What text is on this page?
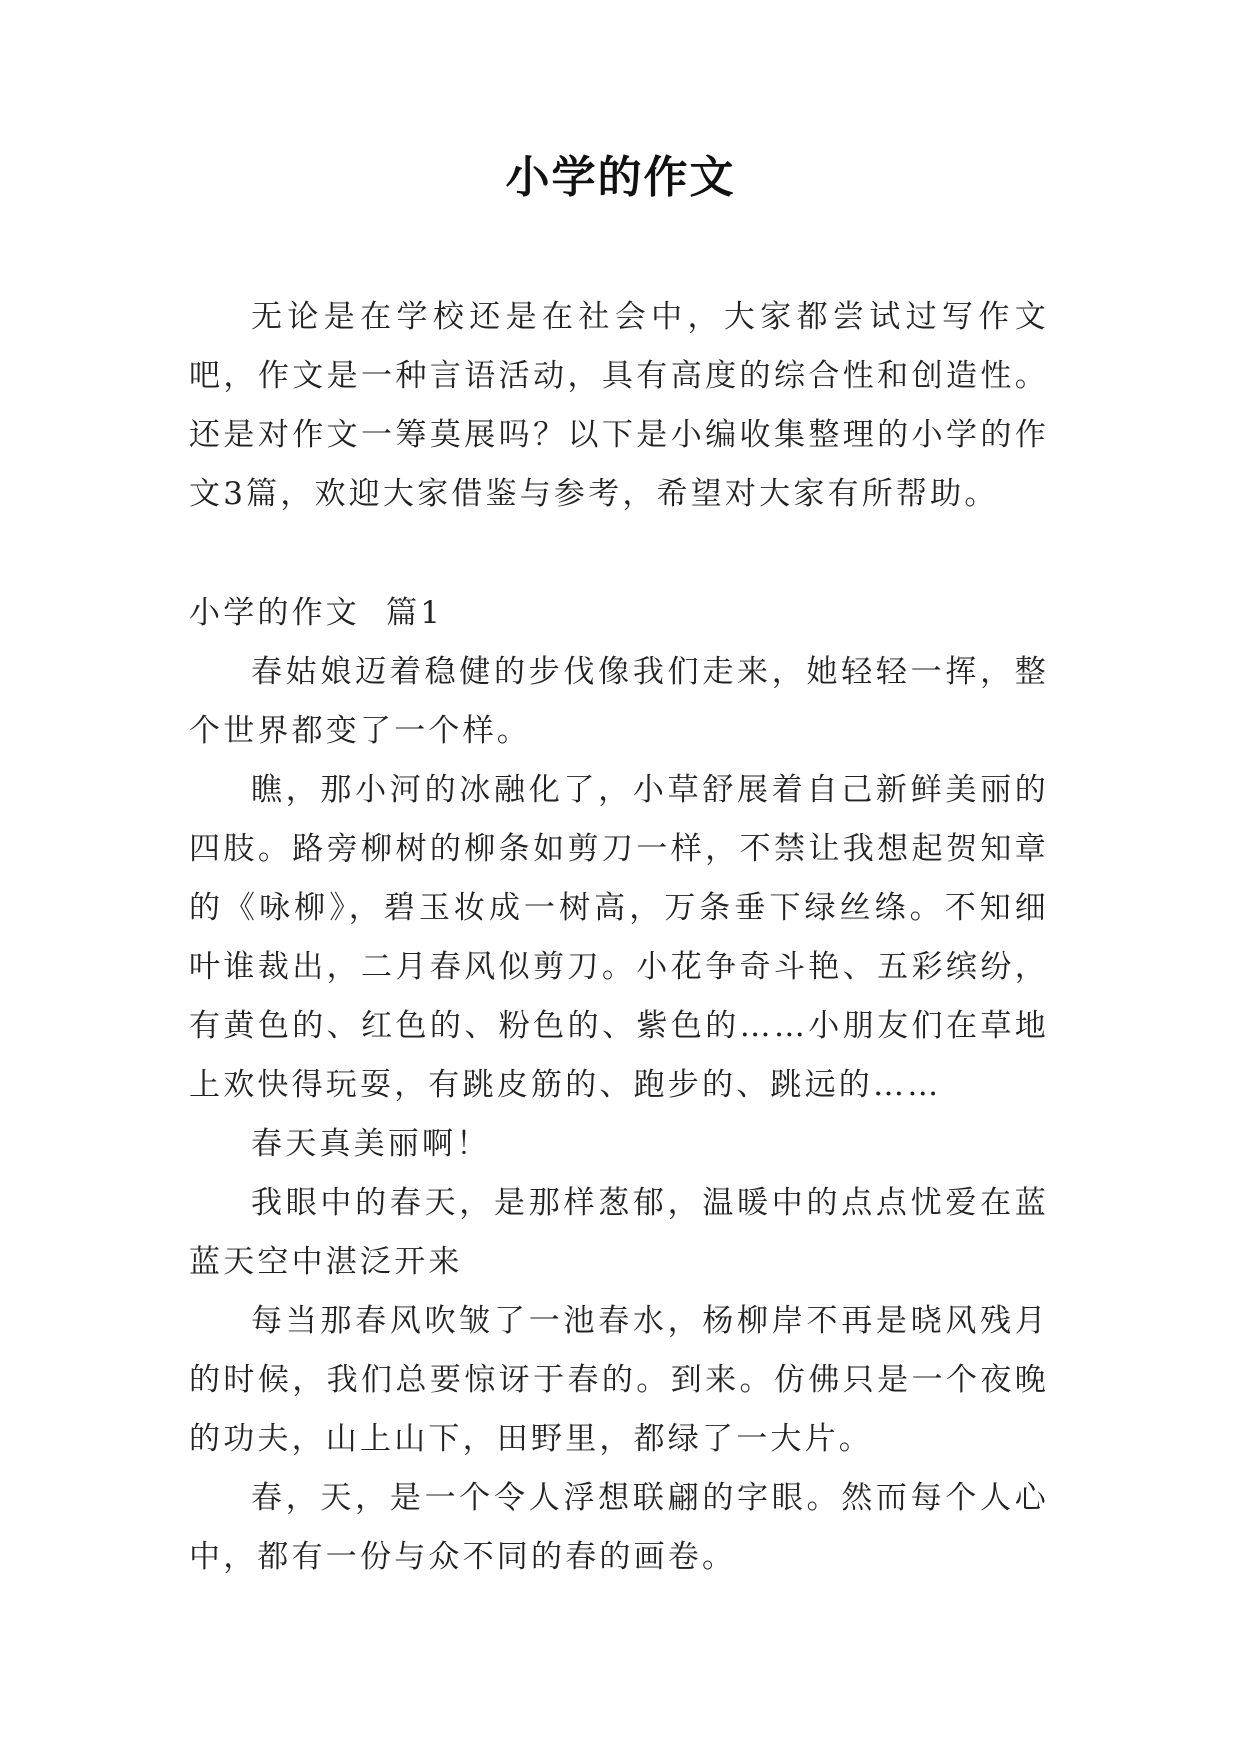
小学的作文

无论是在学校还是在社会中，大家都尝试过写作文吧，作文是一种言语活动，具有高度的综合性和创造性。还是对作文一筹莫展吗？以下是小编收集整理的小学的作文3篇，欢迎大家借鉴与参考，希望对大家有所帮助。

小学的作文  篇1

春姑娘迈着稳健的步伐像我们走来，她轻轻一挥，整个世界都变了一个样。

瞧，那小河的冰融化了，小草舒展着自己新鲜美丽的四肢。路旁柳树的柳条如剪刀一样，不禁让我想起贺知章的《咏柳》，碧玉妆成一树高，万条垂下绿丝绦。不知细叶谁裁出，二月春风似剪刀。小花争奇斗艳、五彩缤纷，有黄色的、红色的、粉色的、紫色的……小朋友们在草地上欢快得玩耍，有跳皮筋的、跑步的、跳远的……

春天真美丽啊！

我眼中的春天，是那样葱郁，温暖中的点点忧爱在蓝蓝天空中湛泛开来

每当那春风吹皱了一池春水，杨柳岸不再是晓风残月的时候，我们总要惊讶于春的。到来。仿佛只是一个夜晚的功夫，山上山下，田野里，都绿了一大片。

春，天，是一个令人浮想联翩的字眼。然而每个人心中，都有一份与众不同的春的画卷。
